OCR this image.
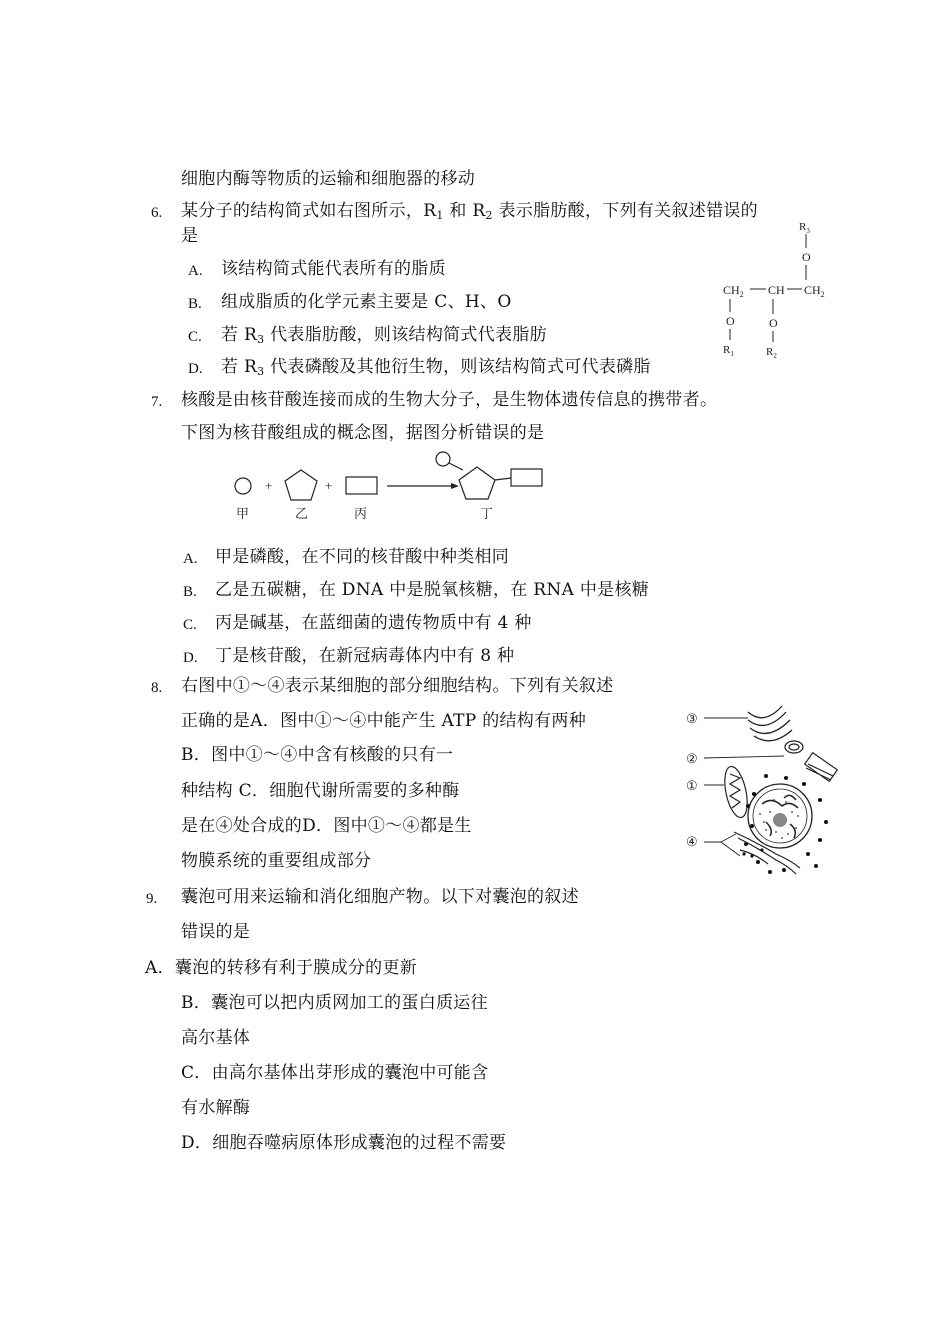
细胞内酶等物质的运输和细胞器的移动
6. 某分子的结构简式如右图所示，$R_1$ 和 $R_2$ 表示脂肪酸，下列有关叙述错误的
是
A. 该结构简式能代表所有的脂质
B. 组成脂质的化学元素主要是 C、H、O
C. 若 $R_3$ 代表脂肪酸，则该结构简式代表脂肪
D. 若 $R_3$ 代表磷酸及其他衍生物，则该结构简式可代表磷脂
$R_3$
O
$CH_2$ CH $CH_2$
O
$R_1$
O
$R_2$
7. 核酸是由核苷酸连接而成的生物大分子，是生物体遗传信息的携带者。
下图为核苷酸组成的概念图，据图分析错误的是
+	+
甲	乙	丙	丁
A. 甲是磷酸，在不同的核苷酸中种类相同
B. 乙是五碳糖，在 DNA 中是脱氧核糖，在 RNA 中是核糖
C. 丙是碱基，在蓝细菌的遗传物质中有 4 种
D. 丁是核苷酸，在新冠病毒体内中有 8 种
8. 右图中①～④表示某细胞的部分细胞结构。下列有关叙述
正确的是A．图中①～④中能产生 ATP 的结构有两种
B．图中①～④中含有核酸的只有一
种结构 C．细胞代谢所需要的多种酶
是在④处合成的D．图中①～④都是生
物膜系统的重要组成部分
③
②
①
④
9. 囊泡可用来运输和消化细胞产物。以下对囊泡的叙述
错误的是
A．囊泡的转移有利于膜成分的更新
B．囊泡可以把内质网加工的蛋白质运往
高尔基体
C．由高尔基体出芽形成的囊泡中可能含
有水解酶
D．细胞吞噬病原体形成囊泡的过程不需要
